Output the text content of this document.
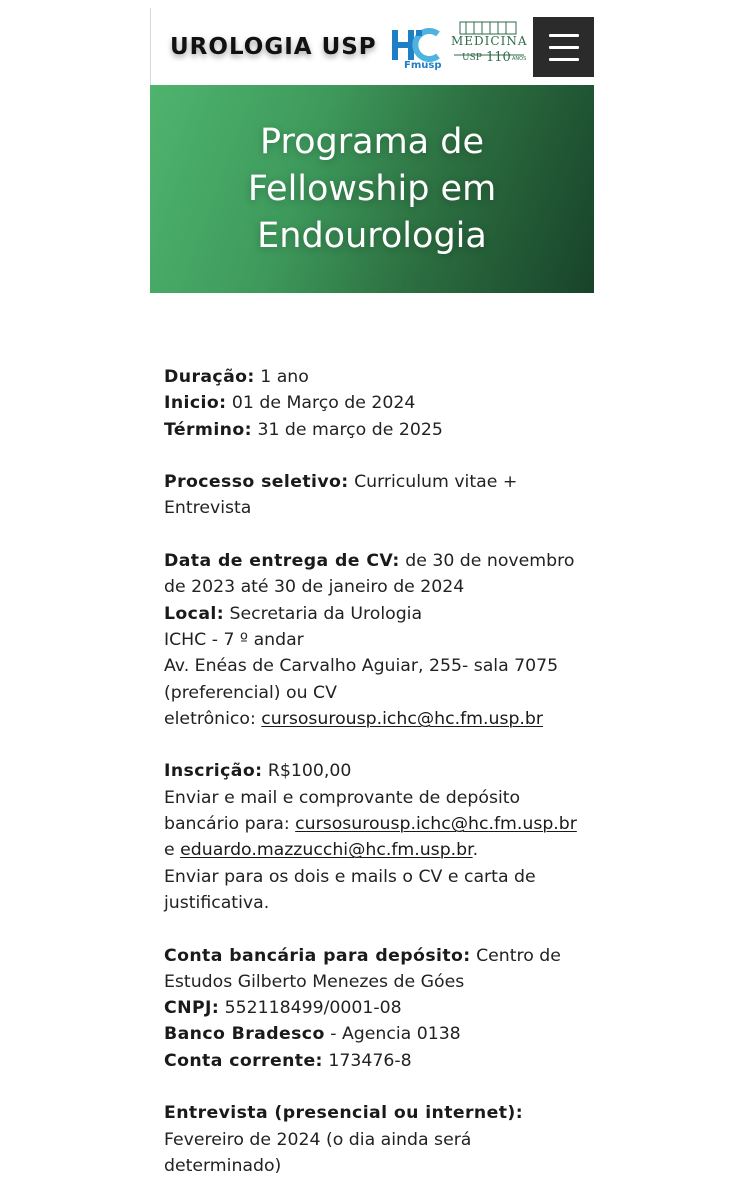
UROLOGIA USP
Fmusp
MEDICINA
USP 110 ANOS
Programa de
Fellowship em
Endourologia
Duração: 1 ano
Inicio: 01 de Março de 2024
Término: 31 de março de 2025
Processo seletivo: Curriculum vitae +
Entrevista
Data de entrega de CV: de 30 de novembro
de 2023 até 30 de janeiro de 2024
Local: Secretaria da Urologia
ICHC - 7 º andar
Av. Enéas de Carvalho Aguiar, 255- sala 7075
(preferencial) ou CV
eletrônico: cursosurousp.ichc@hc.fm.usp.br
Inscrição: R$100,00
Enviar e mail e comprovante de depósito
bancário para: cursosurousp.ichc@hc.fm.usp.br
e eduardo.mazzucchi@hc.fm.usp.br.
Enviar para os dois e mails o CV e carta de
justificativa.
Conta bancária para depósito: Centro de
Estudos Gilberto Menezes de Góes
CNPJ: 552118499/0001-08
Banco Bradesco - Agencia 0138
Conta corrente: 173476-8
Entrevista (presencial ou internet):
Fevereiro de 2024 (o dia ainda será
determinado)
